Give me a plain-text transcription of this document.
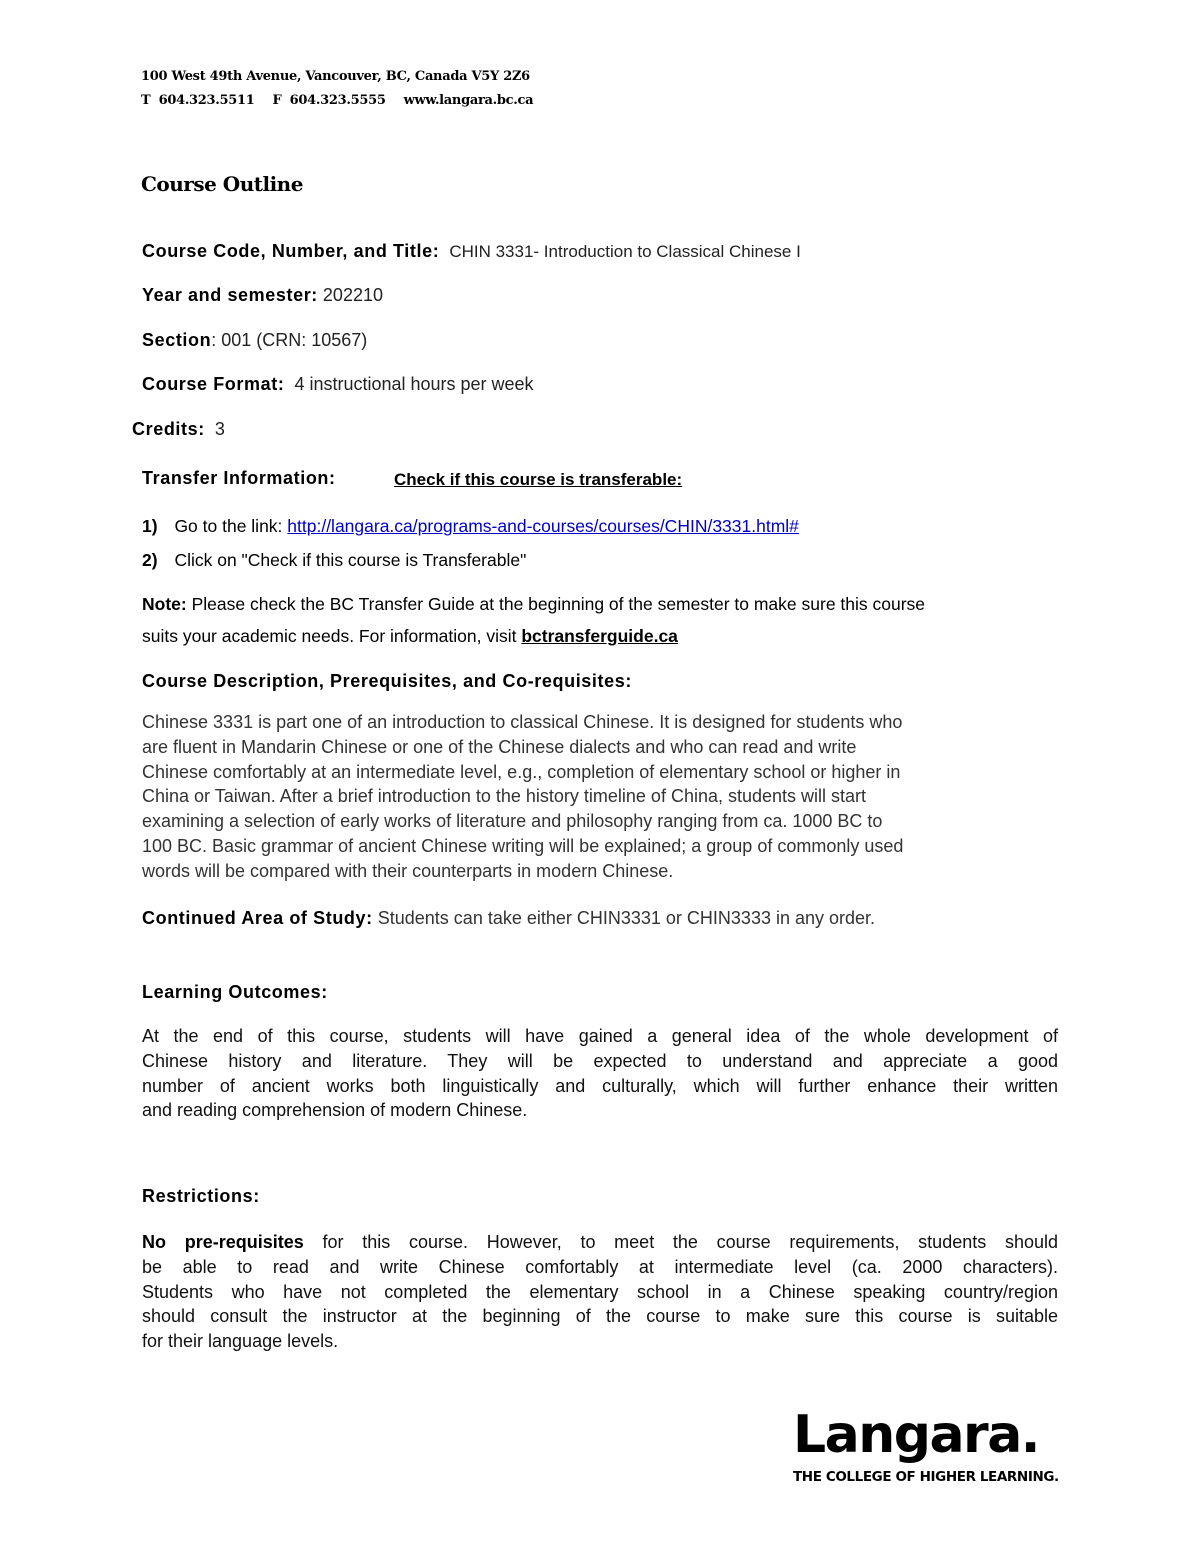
100 West 49th Avenue, Vancouver, BC, Canada V5Y 2Z6
T 604.323.5511 F 604.323.5555 www.langara.bc.ca
Course Outline
Course Code, Number, and Title: CHIN 3331- Introduction to Classical Chinese I
Year and semester: 202210
Section: 001 (CRN: 10567)
Course Format: 4 instructional hours per week
Credits: 3
Transfer Information:	Check if this course is transferable:
1) Go to the link: http://langara.ca/programs-and-courses/courses/CHIN/3331.html#
2) Click on "Check if this course is Transferable"
Note: Please check the BC Transfer Guide at the beginning of the semester to make sure this course
suits your academic needs. For information, visit bctransferguide.ca
Course Description, Prerequisites, and Co-requisites:
Chinese 3331 is part one of an introduction to classical Chinese. It is designed for students who
are fluent in Mandarin Chinese or one of the Chinese dialects and who can read and write
Chinese comfortably at an intermediate level, e.g., completion of elementary school or higher in
China or Taiwan. After a brief introduction to the history timeline of China, students will start
examining a selection of early works of literature and philosophy ranging from ca. 1000 BC to
100 BC. Basic grammar of ancient Chinese writing will be explained; a group of commonly used
words will be compared with their counterparts in modern Chinese.
Continued Area of Study: Students can take either CHIN3331 or CHIN3333 in any order.
Learning Outcomes:
At the end of this course, students will have gained a general idea of the whole development of
Chinese history and literature. They will be expected to understand and appreciate a good
number of ancient works both linguistically and culturally, which will further enhance their written
and reading comprehension of modern Chinese.
Restrictions:
No pre-requisites for this course. However, to meet the course requirements, students should
be able to read and write Chinese comfortably at intermediate level (ca. 2000 characters).
Students who have not completed the elementary school in a Chinese speaking country/region
should consult the instructor at the beginning of the course to make sure this course is suitable
for their language levels.
Langara.
THE COLLEGE OF HIGHER LEARNING.
